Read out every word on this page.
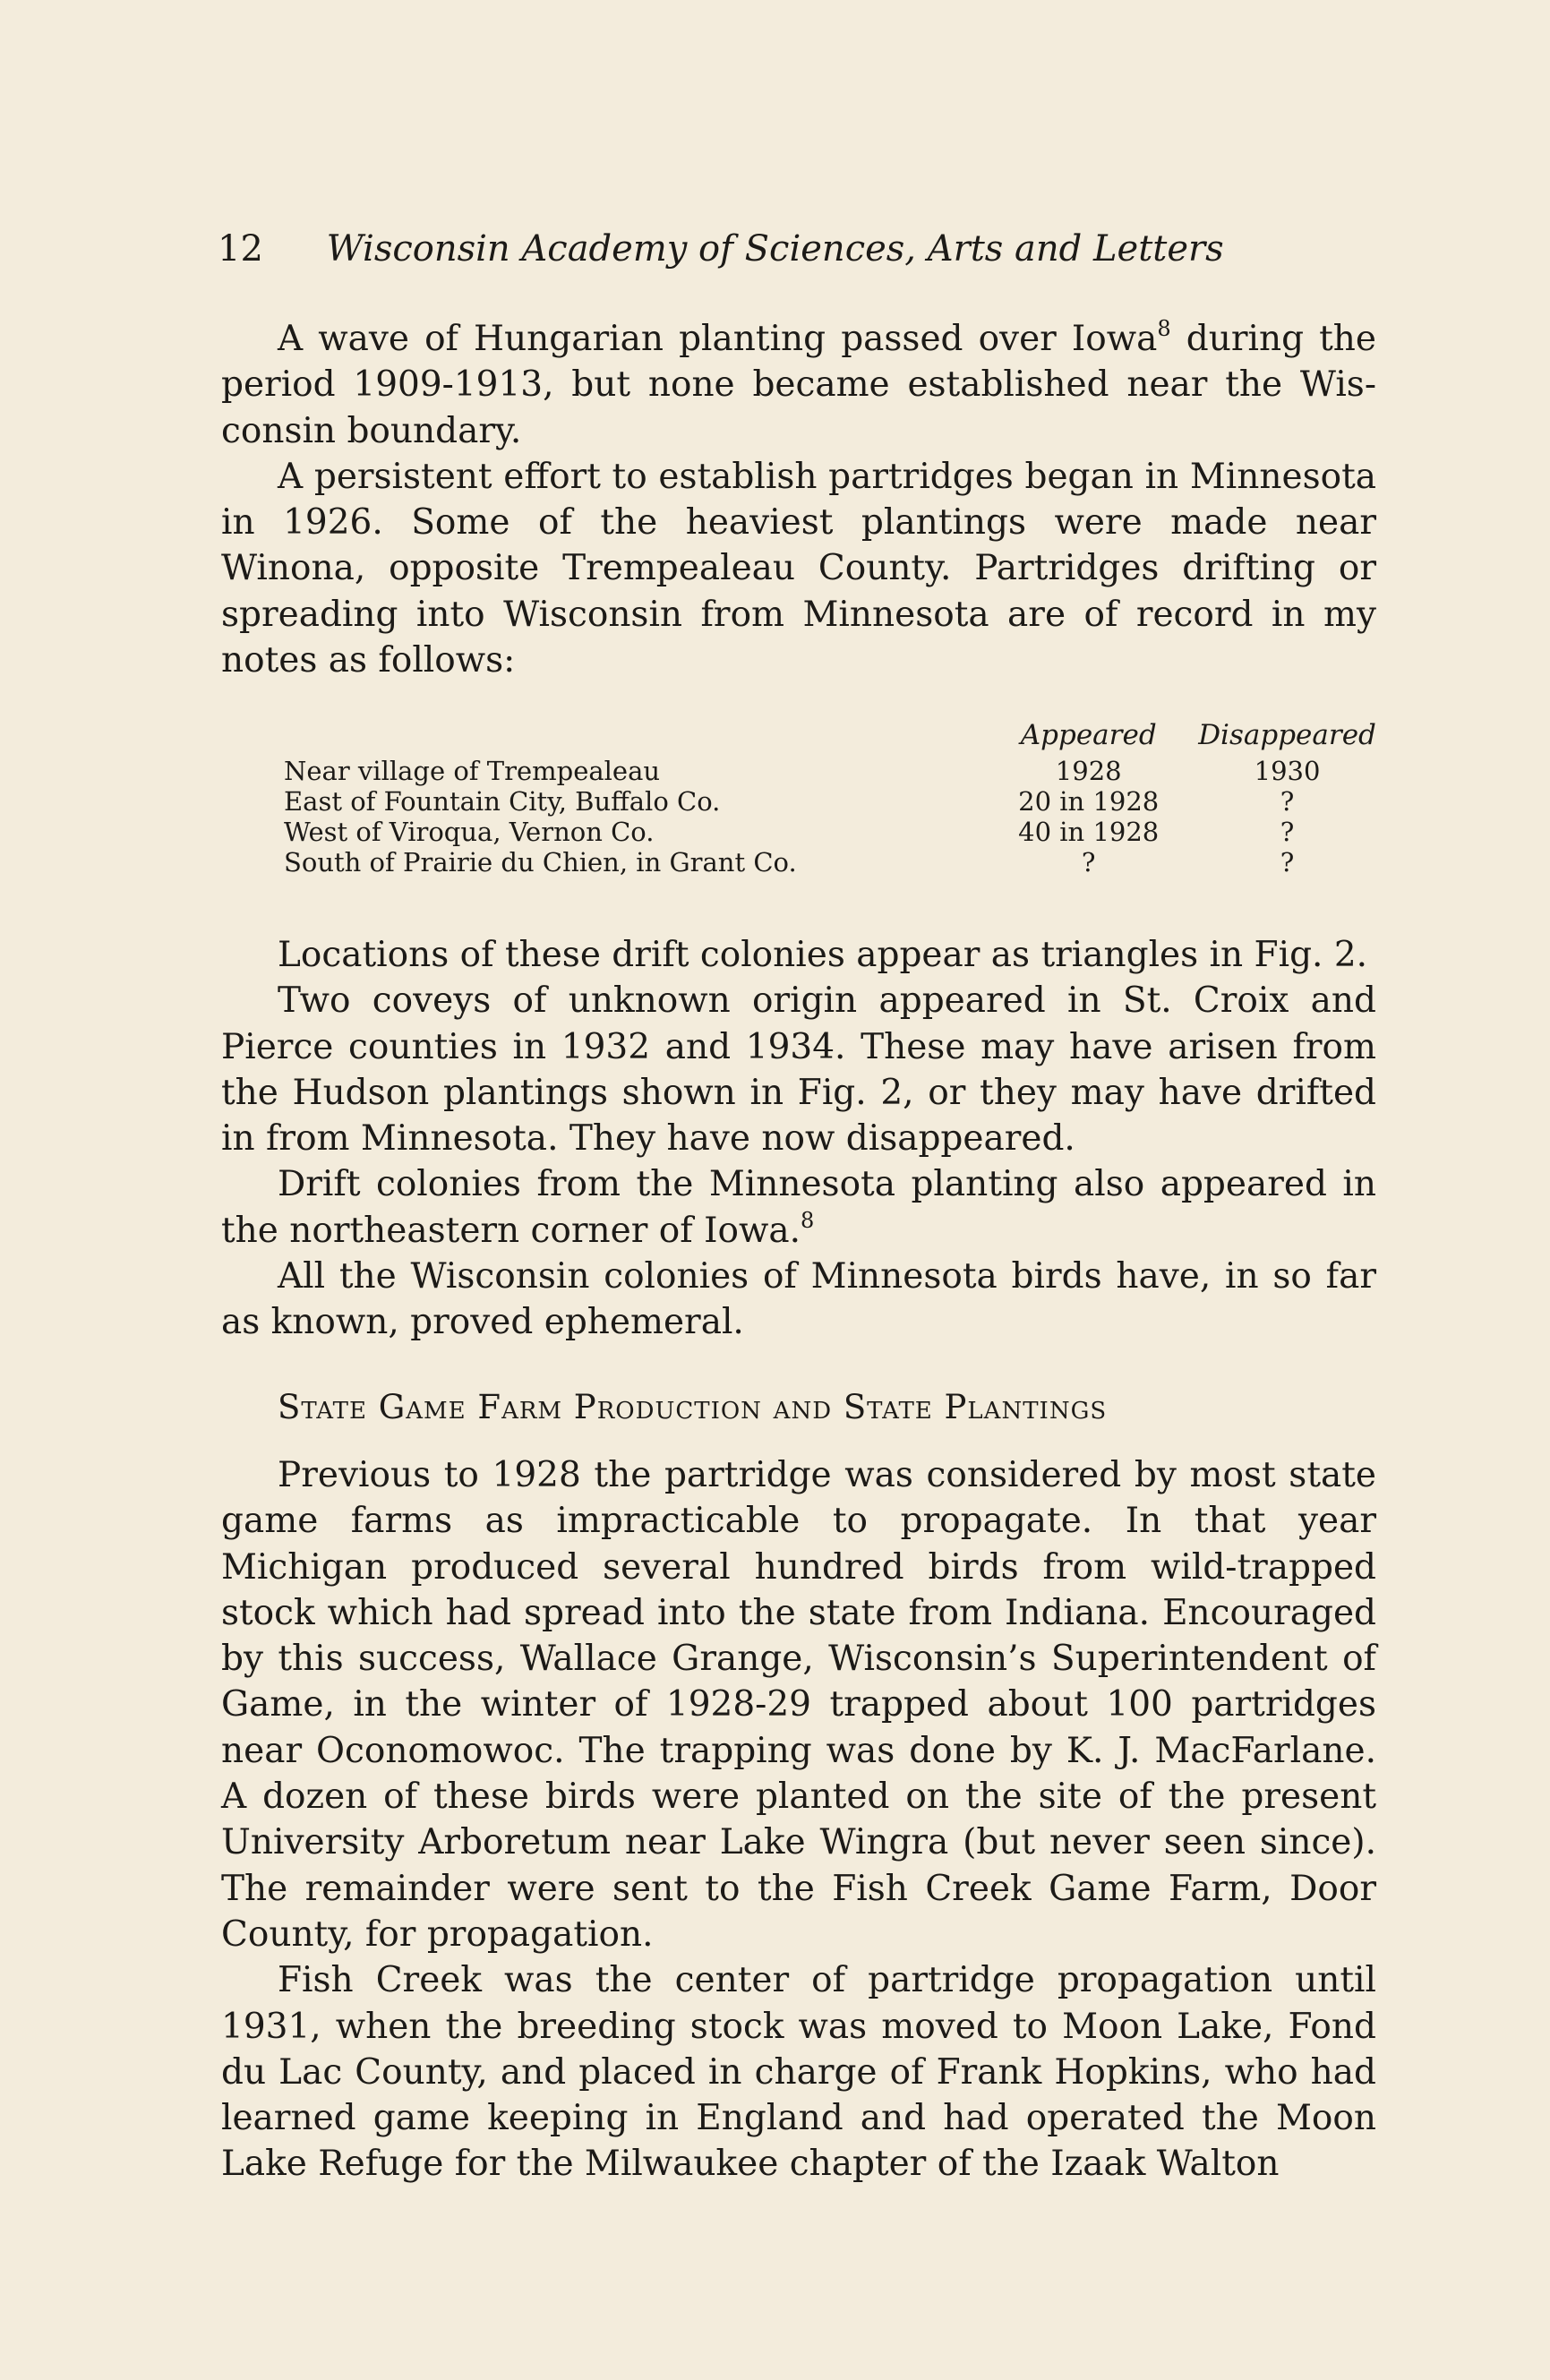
12 Wisconsin Academy of Sciences, Arts and Letters

A wave of Hungarian planting passed over Iowa$^8$ during the period 1909-1913, but none became established near the Wisconsin boundary.

A persistent effort to establish partridges began in Minnesota in 1926. Some of the heaviest plantings were made near Winona, opposite Trempealeau County. Partridges drifting or spreading into Wisconsin from Minnesota are of record in my notes as follows:

	Appeared	Disappeared
Near village of Trempealeau	1928	1930
East of Fountain City, Buffalo Co.	20 in 1928	?
West of Viroqua, Vernon Co.	40 in 1928	?
South of Prairie du Chien, in Grant Co.	?	?

Locations of these drift colonies appear as triangles in Fig. 2.

Two coveys of unknown origin appeared in St. Croix and Pierce counties in 1932 and 1934. These may have arisen from the Hudson plantings shown in Fig. 2, or they may have drifted in from Minnesota. They have now disappeared.

Drift colonies from the Minnesota planting also appeared in the northeastern corner of Iowa.$^8$

All the Wisconsin colonies of Minnesota birds have, in so far as known, proved ephemeral.

State Game Farm Production and State Plantings

Previous to 1928 the partridge was considered by most state game farms as impracticable to propagate. In that year Michigan produced several hundred birds from wild-trapped stock which had spread into the state from Indiana. Encouraged by this success, Wallace Grange, Wisconsin’s Superintendent of Game, in the winter of 1928-29 trapped about 100 partridges near Oconomowoc. The trapping was done by K. J. MacFarlane. A dozen of these birds were planted on the site of the present University Arboretum near Lake Wingra (but never seen since). The remainder were sent to the Fish Creek Game Farm, Door County, for propagation.

Fish Creek was the center of partridge propagation until 1931, when the breeding stock was moved to Moon Lake, Fond du Lac County, and placed in charge of Frank Hopkins, who had learned game keeping in England and had operated the Moon Lake Refuge for the Milwaukee chapter of the Izaak Walton
